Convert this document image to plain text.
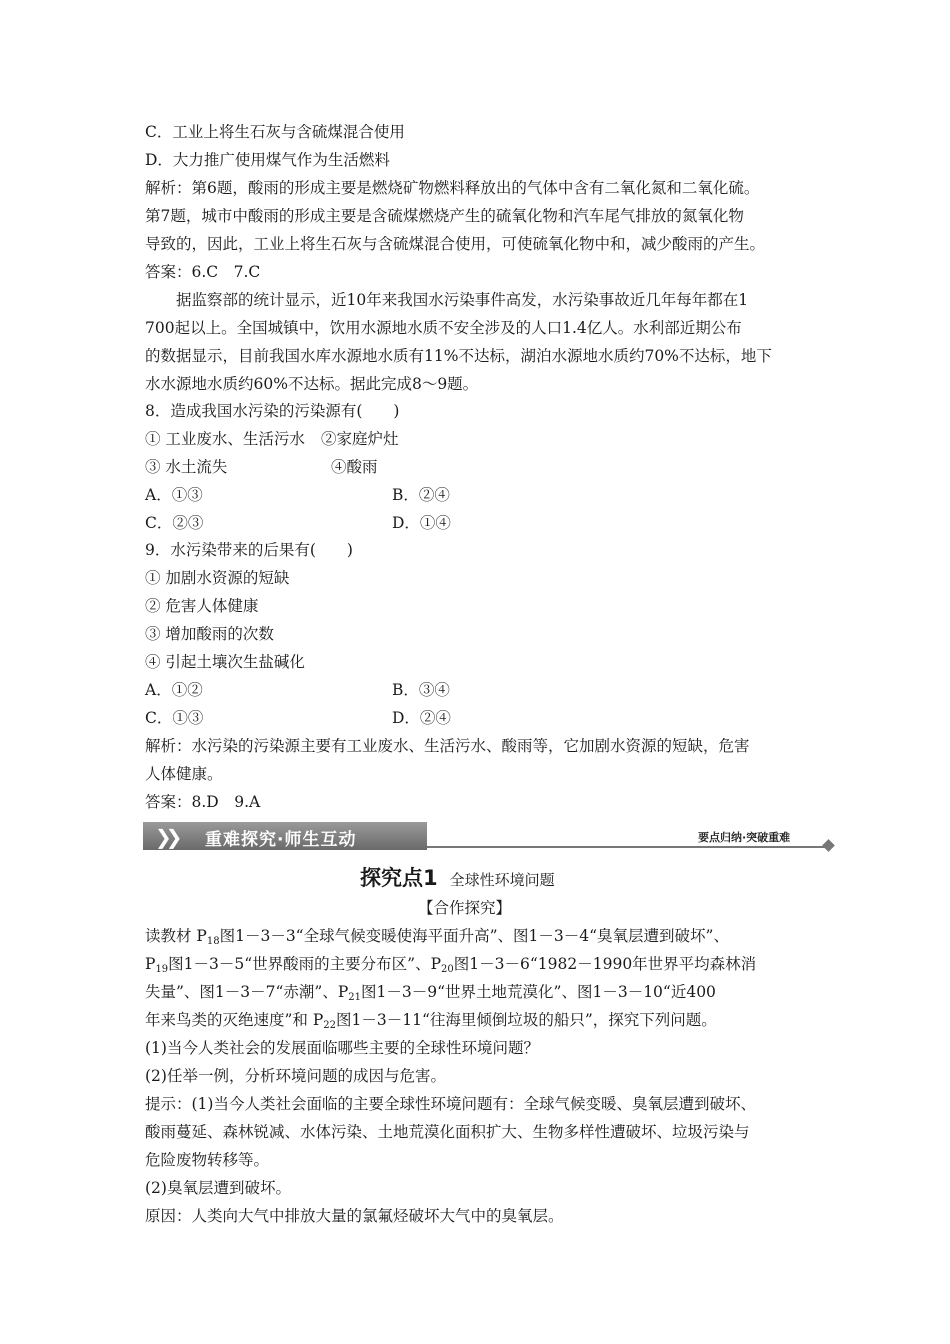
C．工业上将生石灰与含硫煤混合使用
D．大力推广使用煤气作为生活燃料
解析：第6题，酸雨的形成主要是燃烧矿物燃料释放出的气体中含有二氧化氮和二氧化硫。
第7题，城市中酸雨的形成主要是含硫煤燃烧产生的硫氧化物和汽车尾气排放的氮氧化物
导致的，因此，工业上将生石灰与含硫煤混合使用，可使硫氧化物中和，减少酸雨的产生。
答案：6.C　7.C
据监察部的统计显示，近10年来我国水污染事件高发，水污染事故近几年每年都在1
700起以上。全国城镇中，饮用水源地水质不安全涉及的人口1.4亿人。水利部近期公布
的数据显示，目前我国水库水源地水质有11%不达标，湖泊水源地水质约70%不达标，地下
水水源地水质约60%不达标。据此完成8～9题。
8．造成我国水污染的污染源有(　　)
① 工业废水、生活污水 ②家庭炉灶
③ 水土流失	④酸雨
A．①③	B．②④
C．②③	D．①④
9．水污染带来的后果有(　　)
① 加剧水资源的短缺
② 危害人体健康
③ 增加酸雨的次数
④ 引起土壤次生盐碱化
A．①②	B．③④
C．①③	D．②④
解析：水污染的污染源主要有工业废水、生活污水、酸雨等，它加剧水资源的短缺，危害
人体健康。
答案：8.D　9.A
❯❯ 重难探究·师生互动	要点归纳·突破重难
探究点1 全球性环境问题
【合作探究】
读教材 $P_{18}$图1－3－3“全球气候变暖使海平面升高”、图1－3－4“臭氧层遭到破坏”、
$P_{19}$图1－3－5“世界酸雨的主要分布区”、$P_{20}$图1－3－6“1982－1990年世界平均森林消
失量”、图1－3－7“赤潮”、$P_{21}$图1－3－9“世界土地荒漠化”、图1－3－10“近400
年来鸟类的灭绝速度”和 $P_{22}$图1－3－11“往海里倾倒垃圾的船只”，探究下列问题。
(1)当今人类社会的发展面临哪些主要的全球性环境问题？
(2)任举一例，分析环境问题的成因与危害。
提示：(1)当今人类社会面临的主要全球性环境问题有：全球气候变暖、臭氧层遭到破坏、
酸雨蔓延、森林锐减、水体污染、土地荒漠化面积扩大、生物多样性遭破坏、垃圾污染与
危险废物转移等。
(2)臭氧层遭到破坏。
原因：人类向大气中排放大量的氯氟烃破坏大气中的臭氧层。
